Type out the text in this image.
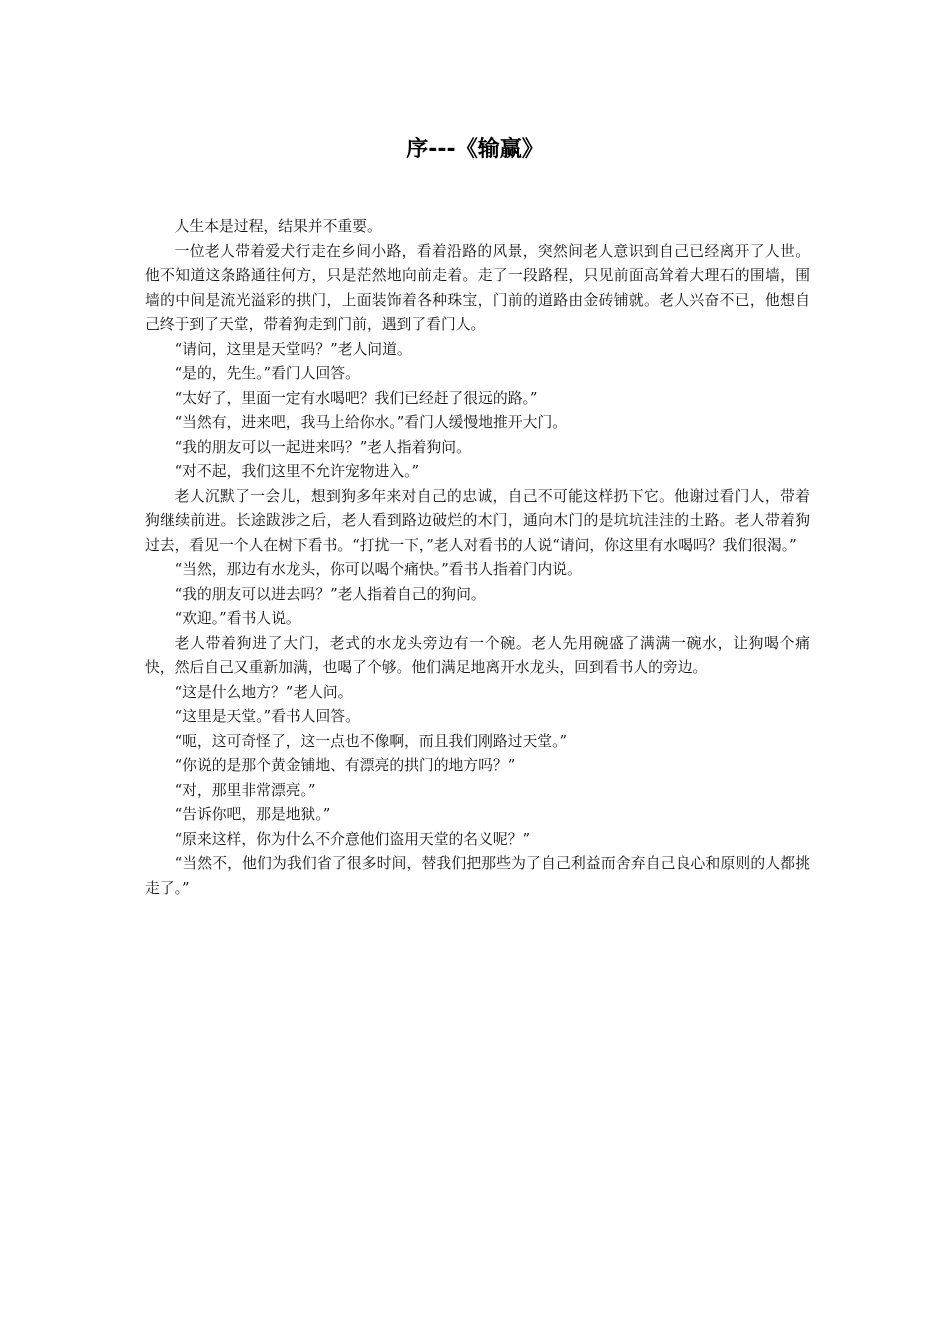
序---《输赢》

人生本是过程，结果并不重要。

一位老人带着爱犬行走在乡间小路，看着沿路的风景，突然间老人意识到自己已经离开了人世。他不知道这条路通往何方，只是茫然地向前走着。走了一段路程，只见前面高耸着大理石的围墙，围墙的中间是流光溢彩的拱门，上面装饰着各种珠宝，门前的道路由金砖铺就。老人兴奋不已，他想自己终于到了天堂，带着狗走到门前，遇到了看门人。

“请问，这里是天堂吗？”老人问道。

“是的，先生。”看门人回答。

“太好了，里面一定有水喝吧？我们已经赶了很远的路。”

“当然有，进来吧，我马上给你水。”看门人缓慢地推开大门。

“我的朋友可以一起进来吗？”老人指着狗问。

“对不起，我们这里不允许宠物进入。”

老人沉默了一会儿，想到狗多年来对自己的忠诚，自己不可能这样扔下它。他谢过看门人，带着狗继续前进。长途跋涉之后，老人看到路边破烂的木门，通向木门的是坑坑洼洼的土路。老人带着狗过去，看见一个人在树下看书。“打扰一下，”老人对看书的人说“请问，你这里有水喝吗？我们很渴。”

“当然，那边有水龙头，你可以喝个痛快。”看书人指着门内说。

“我的朋友可以进去吗？”老人指着自己的狗问。

“欢迎。”看书人说。

老人带着狗进了大门，老式的水龙头旁边有一个碗。老人先用碗盛了满满一碗水，让狗喝个痛快，然后自己又重新加满，也喝了个够。他们满足地离开水龙头，回到看书人的旁边。

“这是什么地方？”老人问。

“这里是天堂。”看书人回答。

“呃，这可奇怪了，这一点也不像啊，而且我们刚路过天堂。”

“你说的是那个黄金铺地、有漂亮的拱门的地方吗？”

“对，那里非常漂亮。”

“告诉你吧，那是地狱。”

“原来这样，你为什么不介意他们盗用天堂的名义呢？”

“当然不，他们为我们省了很多时间，替我们把那些为了自己利益而舍弃自己良心和原则的人都挑走了。”
